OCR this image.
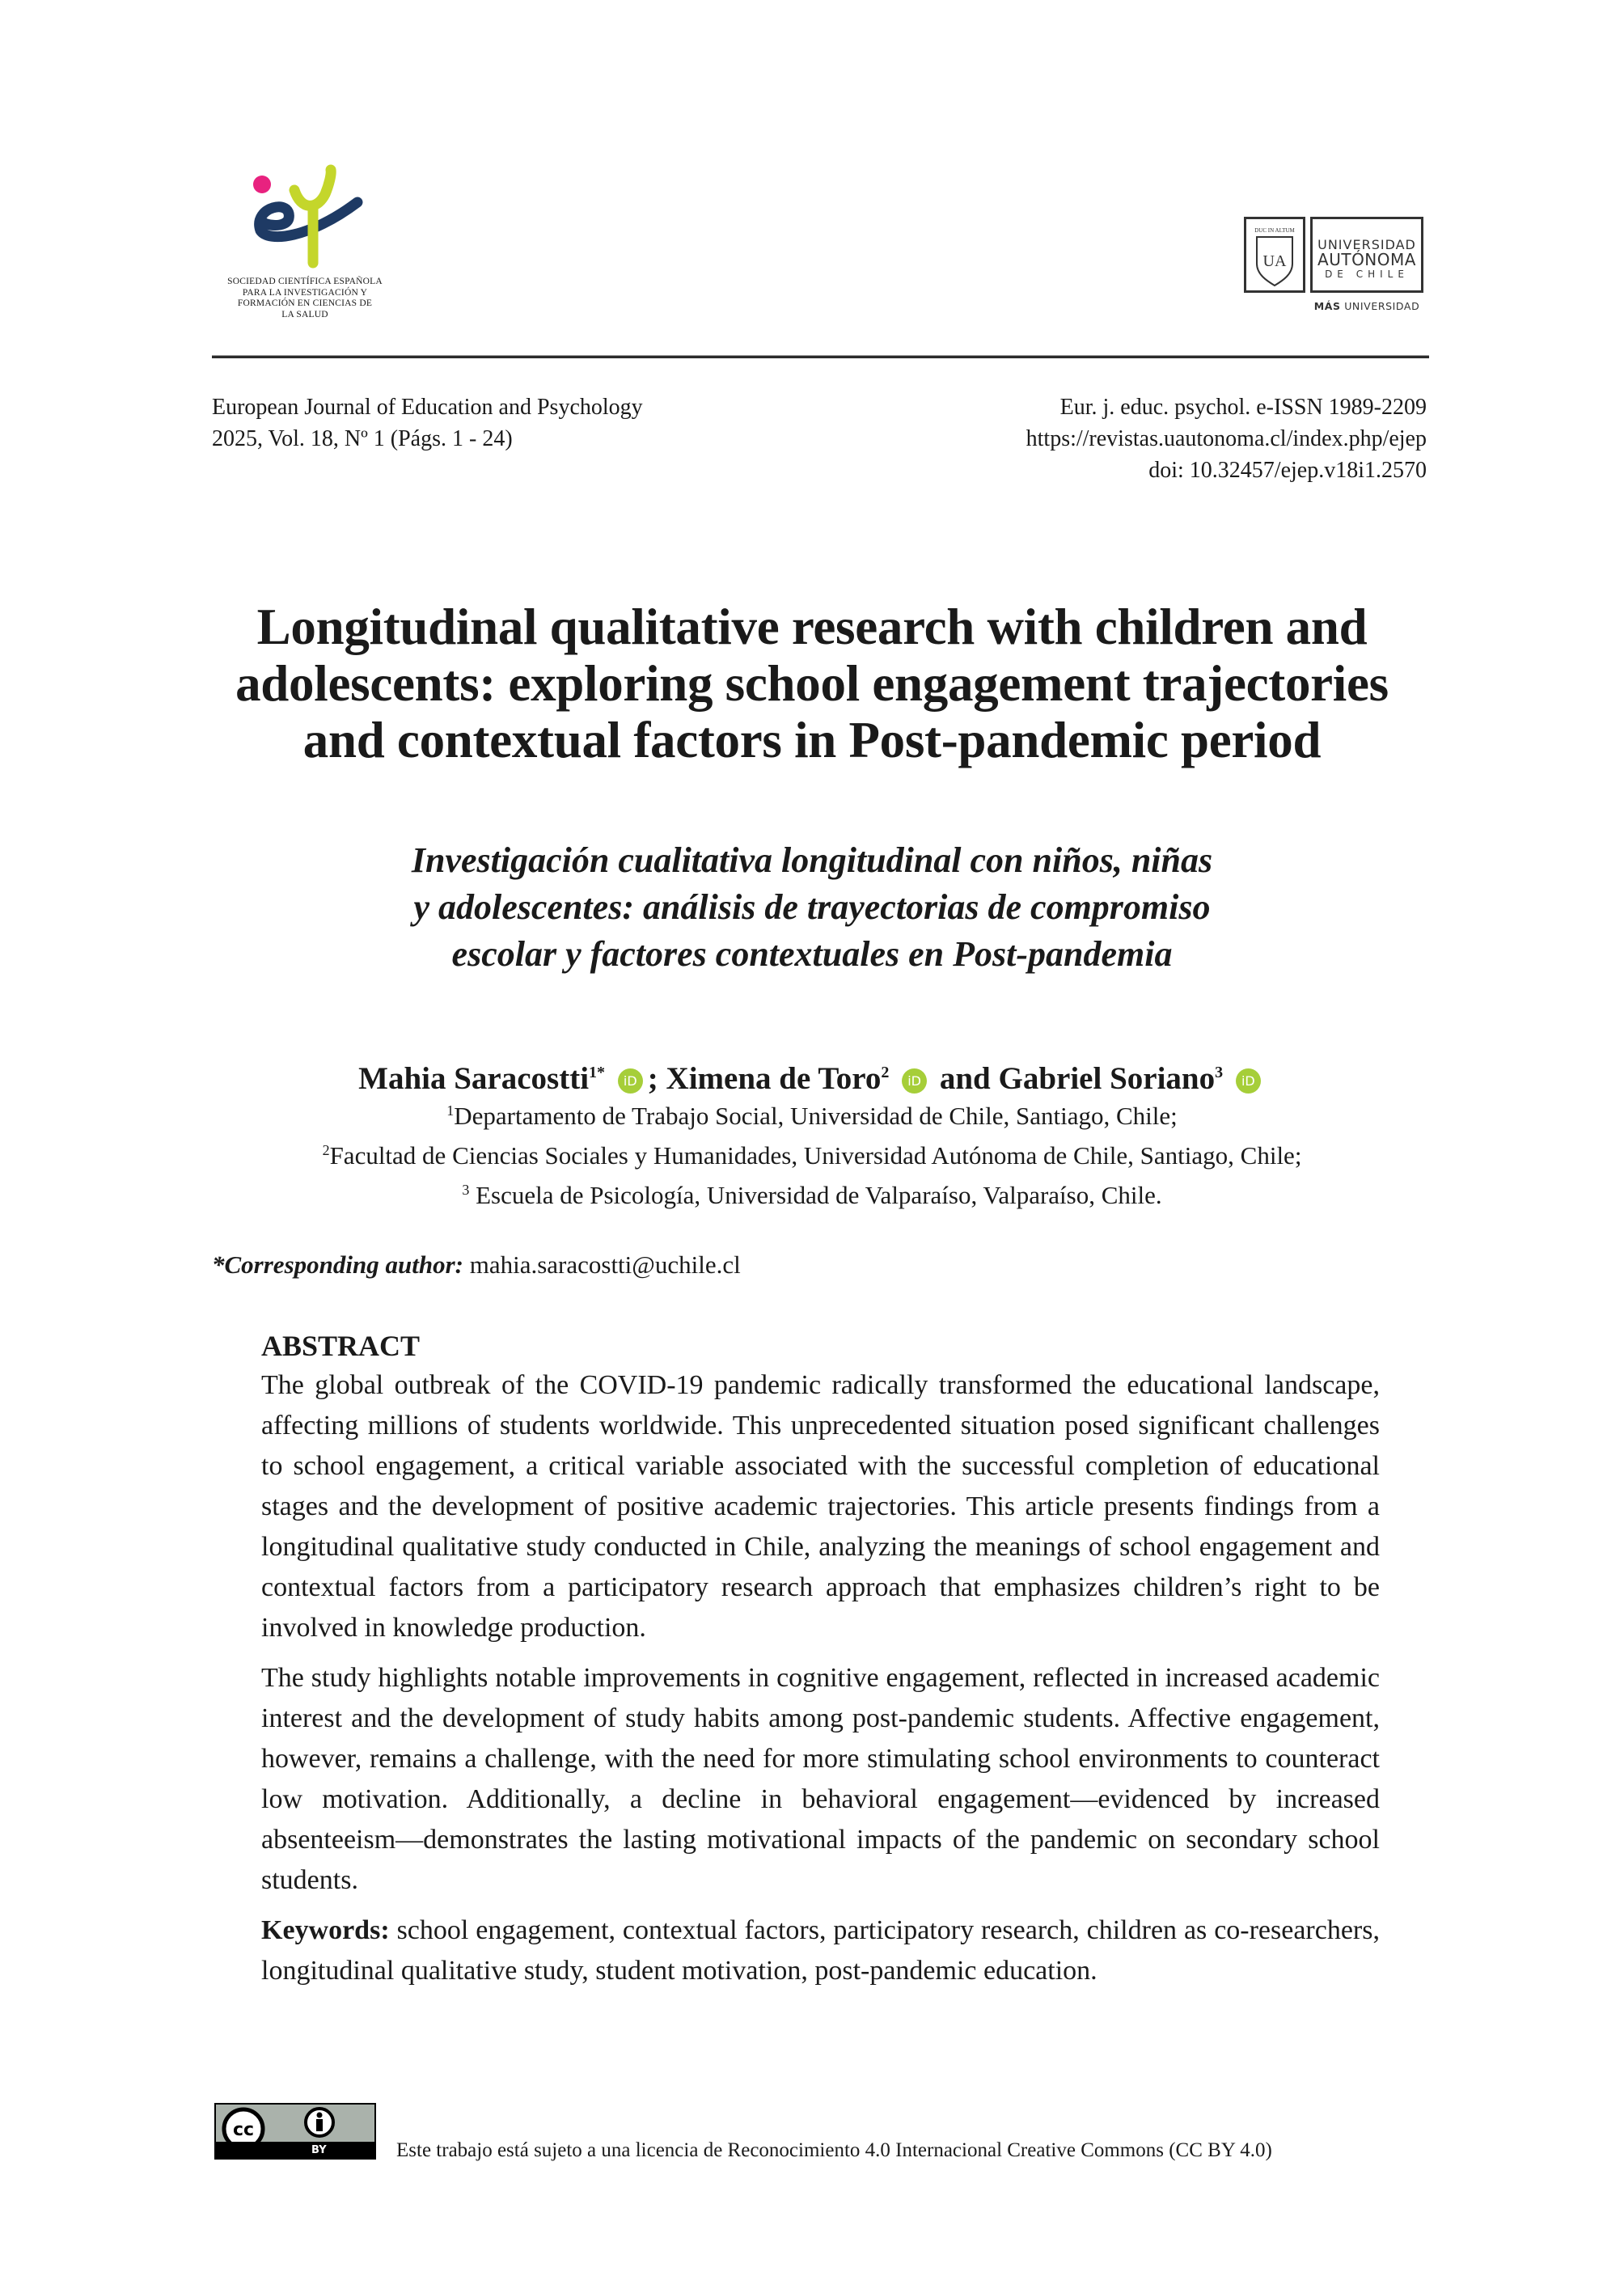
SOCIEDAD CIENTÍFICA ESPAÑOLA
PARA LA INVESTIGACIÓN Y
FORMACIÓN EN CIENCIAS DE
LA SALUD
DUC IN ALTUM
UA
UNIVERSIDAD
AUTÓNOMA
DE CHILE
MÁS UNIVERSIDAD
European Journal of Education and Psychology
2025, Vol. 18, Nº 1 (Págs. 1 - 24)
Eur. j. educ. psychol. e-ISSN 1989-2209
https://revistas.uautonoma.cl/index.php/ejep
doi: 10.32457/ejep.v18i1.2570
Longitudinal qualitative research with children and
adolescents: exploring school engagement trajectories
and contextual factors in Post-pandemic period
Investigación cualitativa longitudinal con niños, niñas
y adolescentes: análisis de trayectorias de compromiso
escolar y factores contextuales en Post-pandemia
Mahia Saracostti$^{1*}$ iD ; Ximena de Toro$^2$ iD and Gabriel Soriano$^3$ iD
$^1$Departamento de Trabajo Social, Universidad de Chile, Santiago, Chile;
$^2$Facultad de Ciencias Sociales y Humanidades, Universidad Autónoma de Chile, Santiago, Chile;
$^3$ Escuela de Psicología, Universidad de Valparaíso, Valparaíso, Chile.
*Corresponding author: mahia.saracostti@uchile.cl
ABSTRACT

The global outbreak of the COVID-19 pandemic radically transformed the educational landscape, affecting millions of students worldwide. This unprecedented situation posed significant challenges to school engagement, a critical variable associated with the successful completion of educational stages and the development of positive academic trajectories. This article presents findings from a longitudinal qualitative study conducted in Chile, analyzing the meanings of school engagement and contextual factors from a participatory research approach that emphasizes children’s right to be involved in knowledge production.

The study highlights notable improvements in cognitive engagement, reflected in increased academic interest and the development of study habits among post-pandemic students. Affective engagement, however, remains a challenge, with the need for more stimulating school environments to counteract low motivation. Additionally, a decline in behavioral engagement—evidenced by increased absenteeism—demonstrates the lasting motivational impacts of the pandemic on secondary school students.

Keywords: school engagement, contextual factors, participatory research, children as co-researchers, longitudinal qualitative study, student motivation, post-pandemic education.

cc
BY	Este trabajo está sujeto a una licencia de Reconocimiento 4.0 Internacional Creative Commons (CC BY 4.0)
